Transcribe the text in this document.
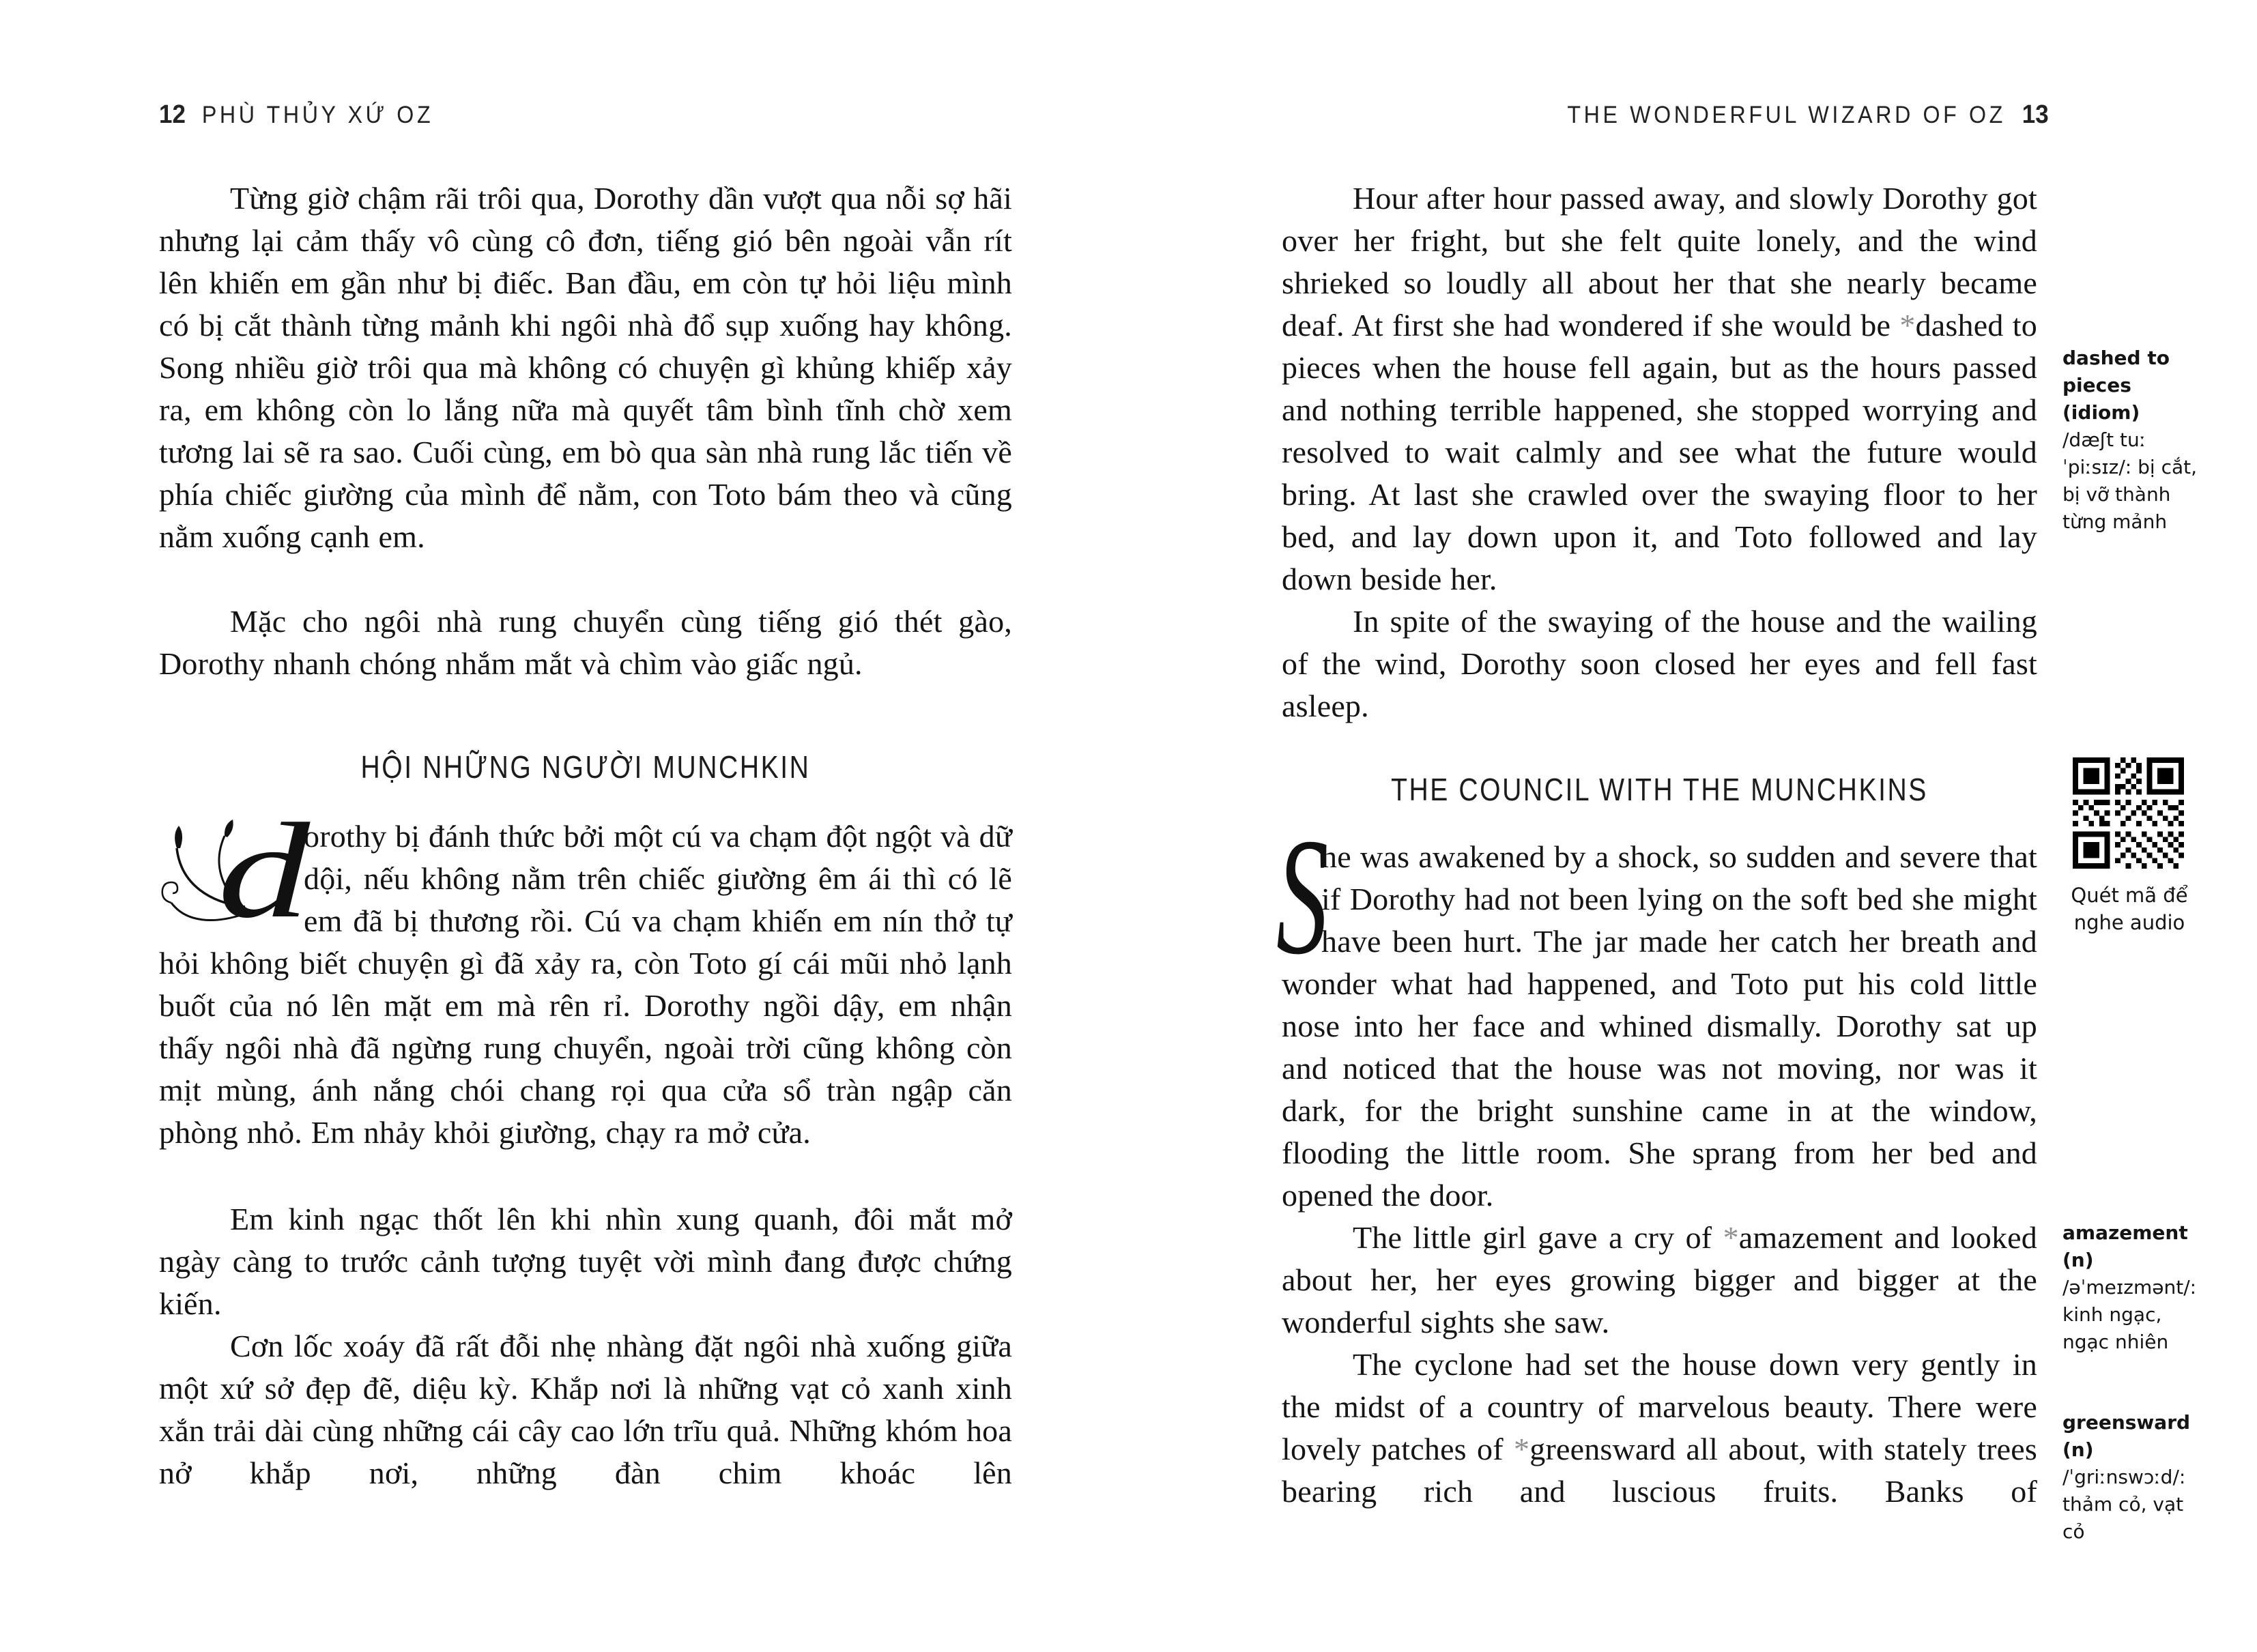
12 PHÙ THỦY XỨ OZ	THE WONDERFUL WIZARD OF OZ 13

Từng giờ chậm rãi trôi qua, Dorothy dần vượt qua nỗi sợ hãi nhưng lại cảm thấy vô cùng cô đơn, tiếng gió bên ngoài vẫn rít lên khiến em gần như bị điếc. Ban đầu, em còn tự hỏi liệu mình có bị cắt thành từng mảnh khi ngôi nhà đổ sụp xuống hay không. Song nhiều giờ trôi qua mà không có chuyện gì khủng khiếp xảy ra, em không còn lo lắng nữa mà quyết tâm bình tĩnh chờ xem tương lai sẽ ra sao. Cuối cùng, em bò qua sàn nhà rung lắc tiến về phía chiếc giường của mình để nằm, con Toto bám theo và cũng nằm xuống cạnh em.

Mặc cho ngôi nhà rung chuyển cùng tiếng gió thét gào, Dorothy nhanh chóng nhắm mắt và chìm vào giấc ngủ.

HỘI NHỮNG NGƯỜI MUNCHKIN

d
orothy bị đánh thức bởi một cú va chạm đột ngột và dữ dội, nếu không nằm trên chiếc giường êm ái thì có lẽ em đã bị thương rồi. Cú va chạm khiến em nín thở tự hỏi không biết chuyện gì đã xảy ra, còn Toto gí cái mũi nhỏ lạnh buốt của nó lên mặt em mà rên rỉ. Dorothy ngồi dậy, em nhận thấy ngôi nhà đã ngừng rung chuyển, ngoài trời cũng không còn mịt mùng, ánh nắng chói chang rọi qua cửa sổ tràn ngập căn phòng nhỏ. Em nhảy khỏi giường, chạy ra mở cửa.

Em kinh ngạc thốt lên khi nhìn xung quanh, đôi mắt mở ngày càng to trước cảnh tượng tuyệt vời mình đang được chứng kiến.

Cơn lốc xoáy đã rất đỗi nhẹ nhàng đặt ngôi nhà xuống giữa một xứ sở đẹp đẽ, diệu kỳ. Khắp nơi là những vạt cỏ xanh xinh xắn trải dài cùng những cái cây cao lớn trĩu quả. Những khóm hoa nở khắp nơi, những đàn chim khoác lên

Hour after hour passed away, and slowly Dorothy got over her fright, but she felt quite lonely, and the wind shrieked so loudly all about her that she nearly became deaf. At first she had wondered if she would be *dashed to pieces when the house fell again, but as the hours passed and nothing terrible happened, she stopped worrying and resolved to wait calmly and see what the future would bring. At last she crawled over the swaying floor to her bed, and lay down upon it, and Toto followed and lay down beside her.

In spite of the swaying of the house and the wailing of the wind, Dorothy soon closed her eyes and fell fast asleep.

THE COUNCIL WITH THE MUNCHKINS

S
he was awakened by a shock, so sudden and severe that if Dorothy had not been lying on the soft bed she might have been hurt. The jar made her catch her breath and wonder what had happened, and Toto put his cold little nose into her face and whined dismally. Dorothy sat up and noticed that the house was not moving, nor was it dark, for the bright sunshine came in at the window, flooding the little room. She sprang from her bed and opened the door.

The little girl gave a cry of *amazement and looked about her, her eyes growing bigger and bigger at the wonderful sights she saw.

The cyclone had set the house down very gently in the midst of a country of marvelous beauty. There were lovely patches of *greensward all about, with stately trees bearing rich and luscious fruits. Banks of

dashed to pieces
(idiom)
/dæʃt tuː ˈpiːsɪz/: bị cắt, bị vỡ thành từng mảnh

Quét mã để nghe audio

amazement
(n)
/əˈmeɪzmənt/: kinh ngạc, ngạc nhiên
greensward
(n)
/ˈgriːnswɔːd/: thảm cỏ, vạt cỏ
